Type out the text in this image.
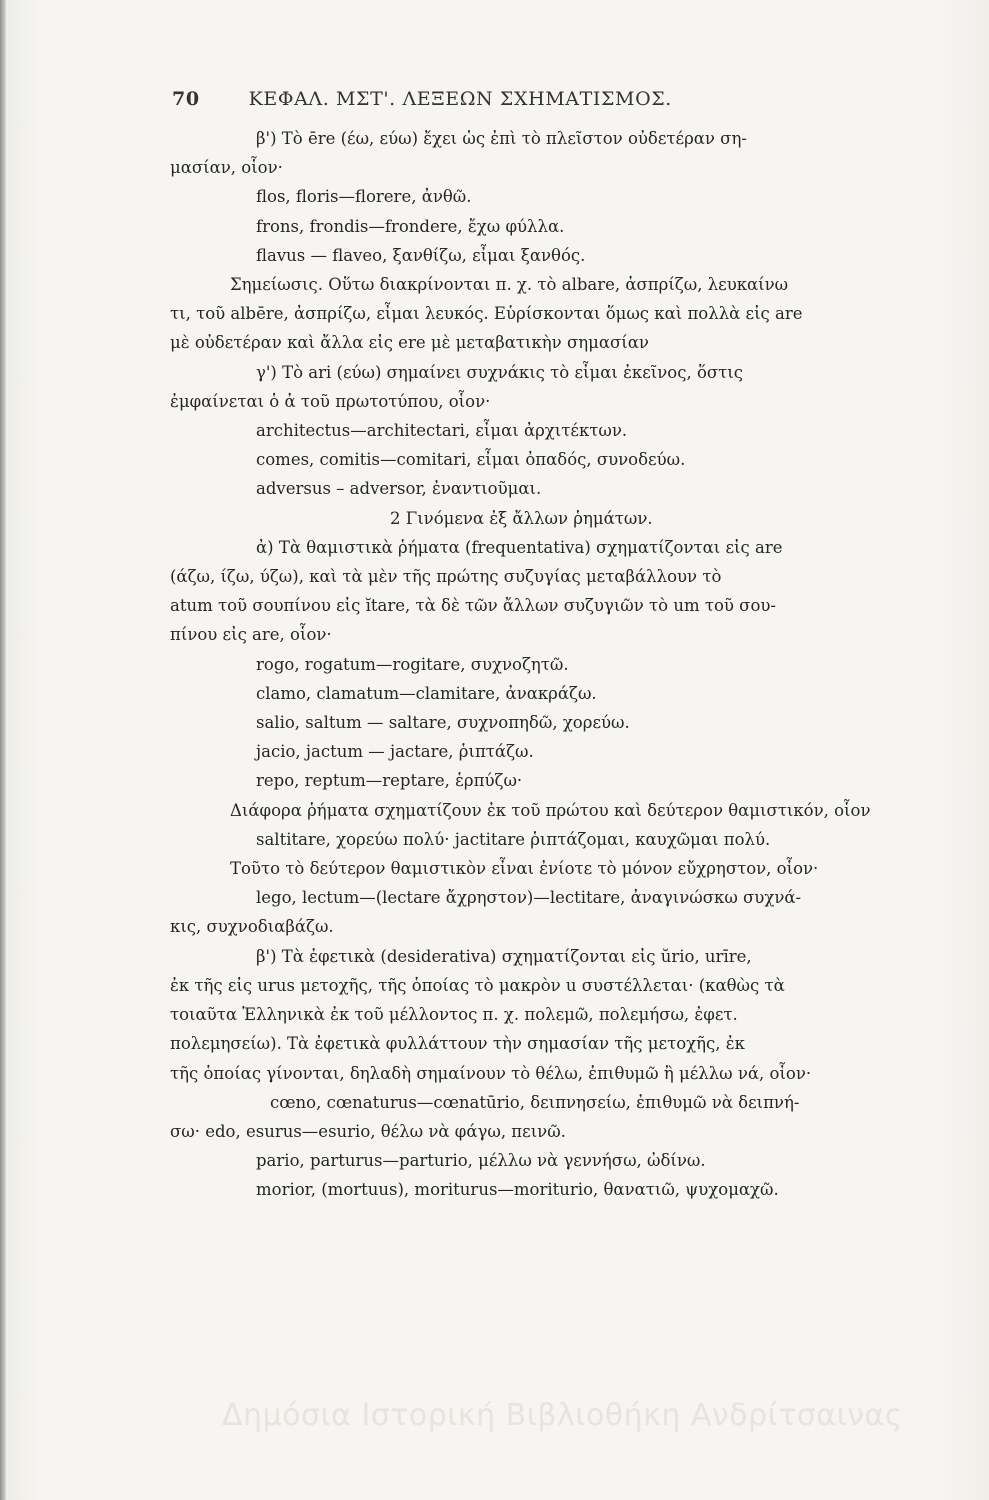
70	ΚΕΦΑΛ. ΜΣΤ'. ΛΕΞΕΩΝ ΣΧΗΜΑΤΙΣΜΟΣ.
β') Τὸ ēre (έω, εύω) ἔχει ὡς ἐπὶ τὸ πλεῖστον οὐδετέραν ση-
μασίαν, οἷον·
flos, floris—florere, ἀνθῶ.
frons, frondis—frondere, ἔχω φύλλα.
flavus — flaveo, ξανθίζω, εἶμαι ξανθός.
Σημείωσις. Οὕτω διακρίνονται π. χ. τὸ albare, ἀσπρίζω, λευκαίνω
τι, τοῦ albēre, ἀσπρίζω, εἶμαι λευκός. Εὑρίσκονται ὅμως καὶ πολλὰ εἰς are
μὲ οὐδετέραν καὶ ἄλλα εἰς ere μὲ μεταβατικὴν σημασίαν
γ') Τὸ ari (εύω) σημαίνει συχνάκις τὸ εἶμαι ἐκεῖνος, ὅστις
ἐμφαίνεται ὁ ἀ τοῦ πρωτοτύπου, οἷον·
architectus—architectari, εἶμαι ἀρχιτέκτων.
comes, comitis—comitari, εἶμαι ὀπαδός, συνοδεύω.
adversus – adversor, ἐναντιοῦμαι.
2 Γινόμενα ἐξ ἄλλων ῥημάτων.
ἀ) Τὰ θαμιστικὰ ῥήματα (frequentativa) σχηματίζονται εἰς are
(άζω, ίζω, ύζω), καὶ τὰ μὲν τῆς πρώτης συζυγίας μεταβάλλουν τὸ
atum τοῦ σουπίνου εἰς ĭtare, τὰ δὲ τῶν ἄλλων συζυγιῶν τὸ um τοῦ σου-
πίνου εἰς are, οἷον·
rogo, rogatum—rogitare, συχνοζητῶ.
clamo, clamatum—clamitare, ἀνακράζω.
salio, saltum — saltare, συχνοπηδῶ, χορεύω.
jacio, jactum — jactare, ῥιπτάζω.
repo, reptum—reptare, ἑρπύζω·
Διάφορα ῥήματα σχηματίζουν ἐκ τοῦ πρώτου καὶ δεύτερον θαμιστικόν, οἷον
saltitare, χορεύω πολύ· jactitare ῥιπτάζομαι, καυχῶμαι πολύ.
Τοῦτο τὸ δεύτερον θαμιστικὸν εἶναι ἐνίοτε τὸ μόνον εὔχρηστον, οἷον·
lego, lectum—(lectare ἄχρηστον)—lectitare, ἀναγινώσκω συχνά-
κις, συχνοδιαβάζω.
β') Τὰ ἐφετικὰ (desiderativa) σχηματίζονται εἰς ŭrio, urīre,
ἐκ τῆς εἰς urus μετοχῆς, τῆς ὁποίας τὸ μακρὸν u συστέλλεται· (καθὼς τὰ
τοιαῦτα Ἑλληνικὰ ἐκ τοῦ μέλλοντος π. χ. πολεμῶ, πολεμήσω, ἐφετ.
πολεμησείω). Τὰ ἐφετικὰ φυλλάττουν τὴν σημασίαν τῆς μετοχῆς, ἐκ
τῆς ὁποίας γίνονται, δηλαδὴ σημαίνουν τὸ θέλω, ἐπιθυμῶ ἢ μέλλω νά, οἷον·
cœno, cœnaturus—cœnatūrio, δειπνησείω, ἐπιθυμῶ νὰ δειπνή-
σω· edo, esurus—esurio, θέλω νὰ φάγω, πεινῶ.
pario, parturus—parturio, μέλλω νὰ γεννήσω, ὠδίνω.
morior, (mortuus), moriturus—moriturio, θανατιῶ, ψυχομαχῶ.
Δημόσια Ιστορική Βιβλιοθήκη Ανδρίτσαινας
